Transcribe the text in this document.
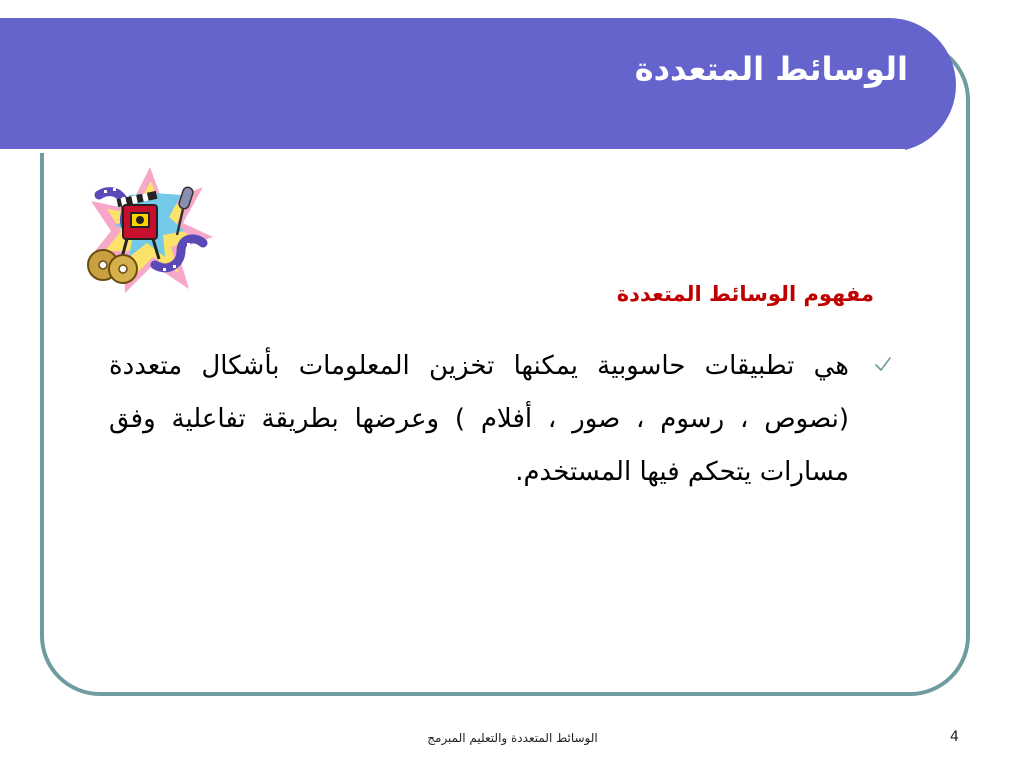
الوسائط المتعددة
مفهوم الوسائط المتعددة
هي تطبيقات حاسوبية يمكنها تخزين المعلومات بأشكال متعددة (نصوص ، رسوم ، صور ، أفلام ) وعرضها بطريقة تفاعلية وفق مسارات يتحكم فيها المستخدم.
الوسائط المتعددة والتعليم المبرمج	4
